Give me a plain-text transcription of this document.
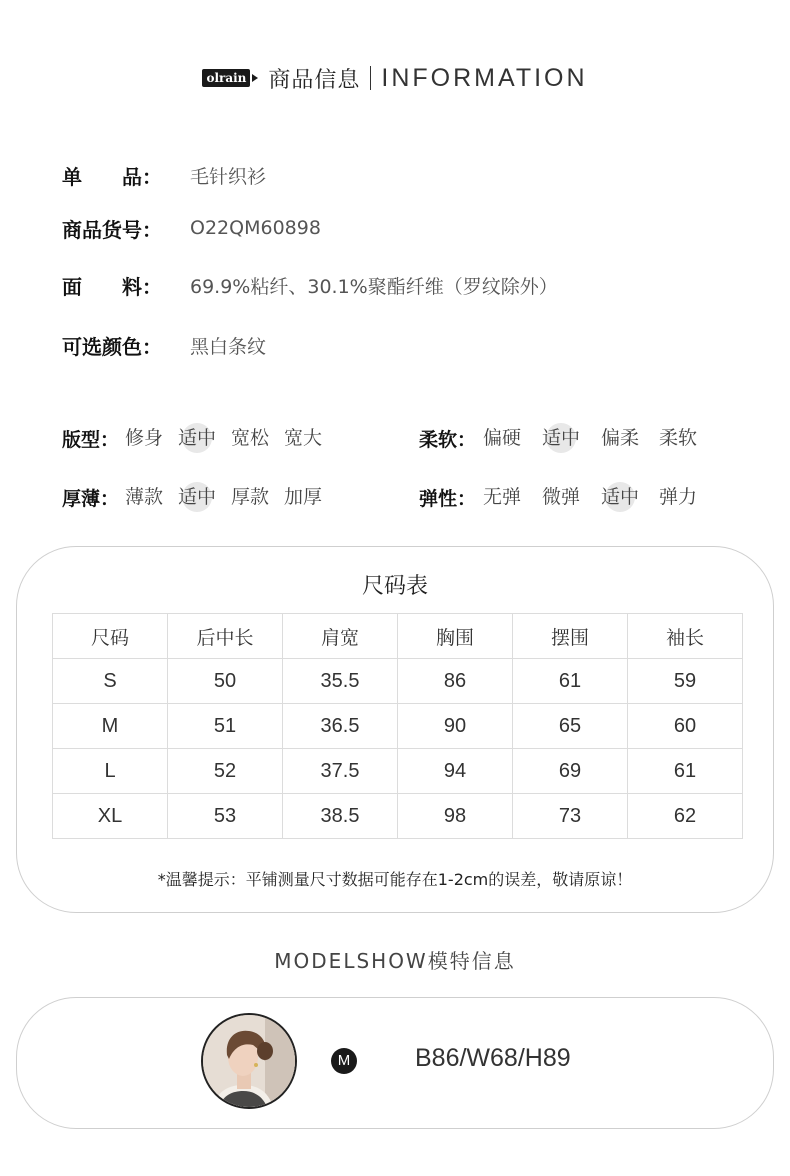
olrain 商品信息 INFORMATION
单　　品：	毛针织衫
商品货号：	O22QM60898
面　　料：	69.9%粘纤、30.1%聚酯纤维（罗纹除外）
可选颜色：	黑白条纹
版型： 修身 适中 宽松 宽大	柔软： 偏硬 适中 偏柔 柔软
厚薄： 薄款 适中 厚款 加厚	弹性： 无弹 微弹 适中 弹力
尺码表
尺码	后中长	肩宽	胸围	摆围	袖长
S	50	35.5	86	61	59
M	51	36.5	90	65	60
L	52	37.5	94	69	61
XL	53	38.5	98	73	62
*温馨提示：平铺测量尺寸数据可能存在1-2cm的误差，敬请原谅！
MODELSHOW模特信息
M	B86/W68/H89
